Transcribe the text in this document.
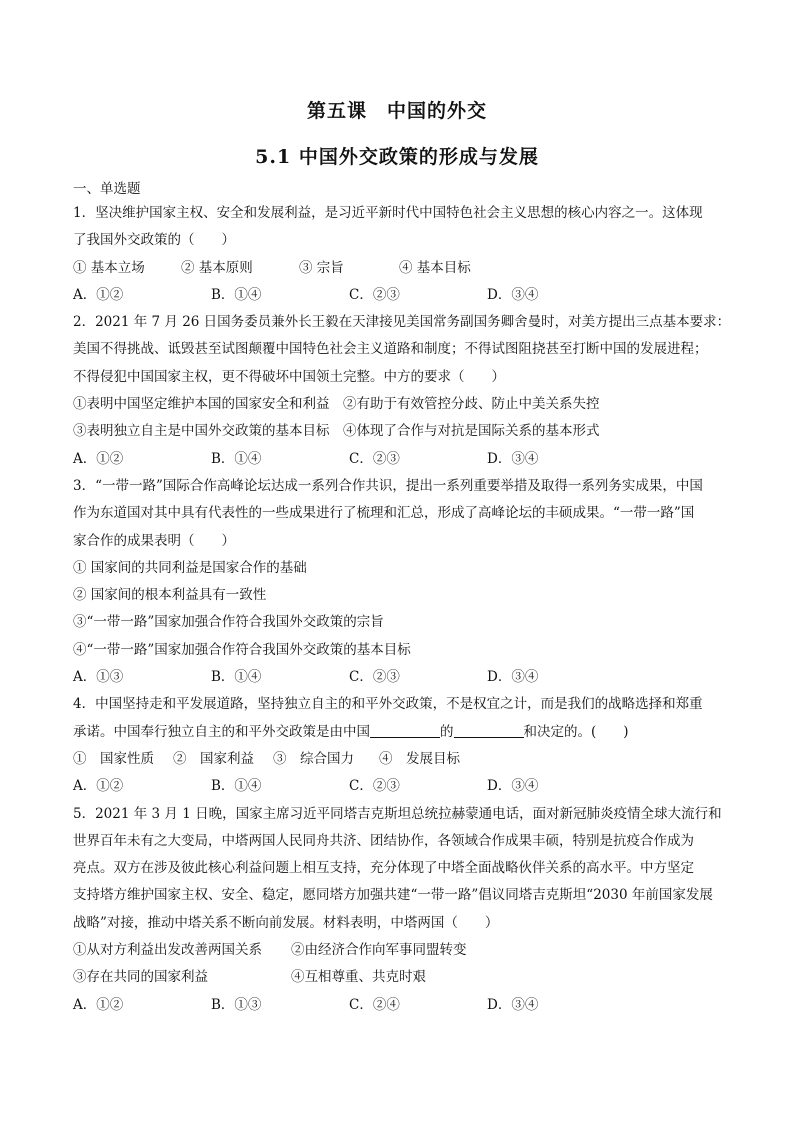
第五课　中国的外交
5.1 中国外交政策的形成与发展
一、单选题
1．坚决维护国家主权、安全和发展利益，是习近平新时代中国特色社会主义思想的核心内容之一。这体现
了我国外交政策的（　　）
① 基本立场	② 基本原则	③ 宗旨	④ 基本目标
A．①②	B．①④	C．②③	D．③④
2．2021 年 7 月 26 日国务委员兼外长王毅在天津接见美国常务副国务卿舍曼时，对美方提出三点基本要求：
美国不得挑战、诋毁甚至试图颠覆中国特色社会主义道路和制度；不得试图阻挠甚至打断中国的发展进程；
不得侵犯中国国家主权，更不得破坏中国领土完整。中方的要求（　　）
①表明中国坚定维护本国的国家安全和利益　②有助于有效管控分歧、防止中美关系失控
③表明独立自主是中国外交政策的基本目标　④体现了合作与对抗是国际关系的基本形式
A．①②	B．①④	C．②③	D．③④
3．“一带一路”国际合作高峰论坛达成一系列合作共识，提出一系列重要举措及取得一系列务实成果，中国
作为东道国对其中具有代表性的一些成果进行了梳理和汇总，形成了高峰论坛的丰硕成果。“一带一路”国
家合作的成果表明（　　）
① 国家间的共同利益是国家合作的基础
② 国家间的根本利益具有一致性
③“一带一路”国家加强合作符合我国外交政策的宗旨
④“一带一路”国家加强合作符合我国外交政策的基本目标
A．①③	B．①④	C．②③	D．③④
4．中国坚持走和平发展道路，坚持独立自主的和平外交政策，不是权宜之计，而是我们的战略选择和郑重
承诺。中国奉行独立自主的和平外交政策是由中国	的	和决定的。(　　)
①　国家性质	②　国家利益	③　综合国力	④　发展目标
A．①②	B．①④	C．②③	D．③④
5．2021 年 3 月 1 日晚，国家主席习近平同塔吉克斯坦总统拉赫蒙通电话，面对新冠肺炎疫情全球大流行和
世界百年未有之大变局，中塔两国人民同舟共济、团结协作，各领域合作成果丰硕，特别是抗疫合作成为
亮点。双方在涉及彼此核心利益问题上相互支持，充分体现了中塔全面战略伙伴关系的高水平。中方坚定
支持塔方维护国家主权、安全、稳定，愿同塔方加强共建“一带一路”倡议同塔吉克斯坦“2030 年前国家发展
战略”对接，推动中塔关系不断向前发展。材料表明，中塔两国（　　）
①从对方利益出发改善两国关系	②由经济合作向军事同盟转变
③存在共同的国家利益	④互相尊重、共克时艰
A．①②	B．①③	C．②④	D．③④
